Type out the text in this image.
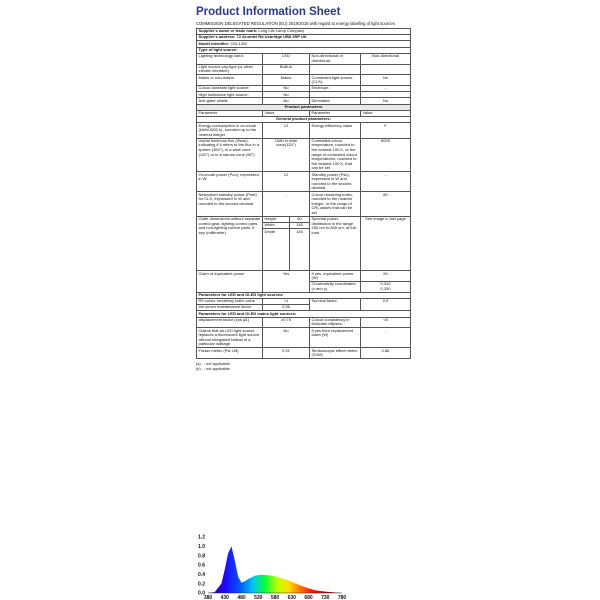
Product Information Sheet
COMMISSION DELEGATED REGULATION (EU) 2019/2015 with regard to energy labelling of light sources
Supplier's name or trade mark: Long Life Lamp Company				
Supplier's address: 72 Arundel Rd Uxbridge UB8 2RP UK				
Model identifier: CDL12W				
Type of light source:				
Lighting technology used:	LED		Non-directional or directional:	Non-directional
Light source cap-type (or other electric interface)	Built-in			
Mains or non-mains:	Mains		Connected light source (CLS):	No
Colour-tuneable light source:	No		Envelope:	-
High luminance light source:	No			
Anti-glare shield:	No		Dimmable:	No
Product parameters				
Parameter	Value		Parameter	Value
General product parameters:				
Energy consumption in on-mode (kWh/1000 h), rounded up to the nearest integer	12		Energy efficiency class	F
Useful luminous flux (Φuse), indicating if it refers to the flux in a sphere (360°), in a wide cone (120°) or in a narrow cone (90°)	1080 in wide cone(120°)		Correlated colour temperature, rounded to the nearest 100 K, or the range of correlated colour temperatures, rounded to the nearest 100 K, that can be set	6000
On-mode power (Pon), expressed in W	12		Standby power (Psb), expressed in W and rounded to the second decimal	-
Networked standby power (Pnet) for CLS, expressed in W and rounded to the second decimal	-		Colour rendering index, rounded to the nearest integer, or the range of CRI-values that can be set	80
Outer dimensions without separate control gear, lighting control parts and non-lighting control parts, if any (millimetre)	Height	60	Spectral power distribution in the range 250 nm to 800 nm, at full-load	See image in last page
	Width	145		
	Depth	145		
Claim of equivalent power	Yes		If yes, equivalent power (W)	90
			Chromaticity coordinates (x and y)	0,310
0,330
Parameters for LED and OLED light sources:				
R9 colour rendering index value	>1		Survival factor	0,9
the lumen maintenance factor	0,96			
Parameters for LED and OLED mains light sources:				
displacement factor (cos φ1)	≥0,75		Colour consistency in McAdam ellipses	<5
Claims that an LED light source replaces a fluorescent light source without integrated ballast of a particular wattage.	No		If yes then replacement claim (W)	-
Flicker metric (Pst LM)	0,92		Stroboscopic effect metric (SVM)	0,86
(a) - : not applicable;
(b) - : not applicable;
0.0
0.2
0.4
0.6
0.8
1.0
1.2
380 430 480 530 580 630 680 730 780
